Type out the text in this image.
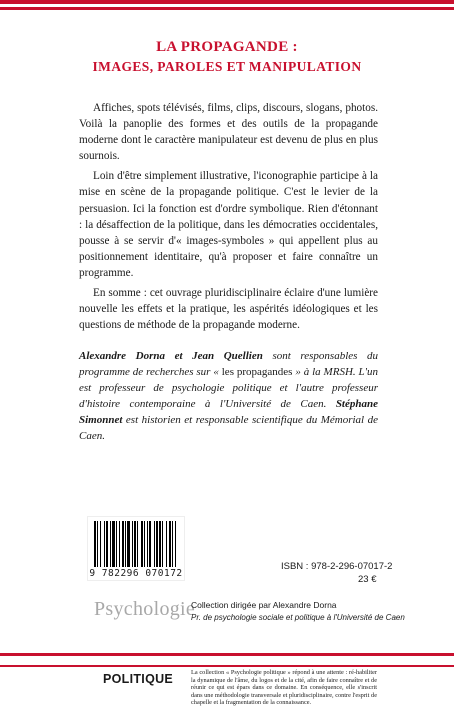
LA PROPAGANDE :
IMAGES, PAROLES ET MANIPULATION

Affiches, spots télévisés, films, clips, discours, slogans, photos. Voilà la panoplie des formes et des outils de la propagande moderne dont le caractère manipulateur est devenu de plus en plus sournois.

Loin d'être simplement illustrative, l'iconographie participe à la mise en scène de la propagande politique. C'est le levier de la persuasion. Ici la fonction est d'ordre symbolique. Rien d'étonnant : la désaffection de la politique, dans les démocraties occidentales, pousse à se servir d'« images-symboles » qui appellent plus au positionnement identitaire, qu'à proposer et faire connaître un programme.

En somme : cet ouvrage pluridisciplinaire éclaire d'une lumière nouvelle les effets et la pratique, les aspérités idéologiques et les questions de méthode de la propagande moderne.

Alexandre Dorna et Jean Quellien sont responsables du programme de recherches sur « les propagandes » à la MRSH. L'un est professeur de psychologie politique et l'autre professeur d'histoire contemporaine à l'Université de Caen. Stéphane Simonnet est historien et responsable scientifique du Mémorial de Caen.
9 782296 070172
ISBN : 978-2-296-07017-2
23 €
Psychologie
Collection dirigée par Alexandre Dorna
Pr. de psychologie sociale et politique à l'Université de Caen
POLITIQUE	La collection « Psychologie politique » répond à une attente : ré-habiliter la dynamique de l'âme, du logos et de la cité, afin de faire connaître et de réunir ce qui est épars dans ce domaine. En conséquence, elle s'inscrit dans une méthodologie transversale et pluridisciplinaire, contre l'esprit de chapelle et la fragmentation de la connaissance.
